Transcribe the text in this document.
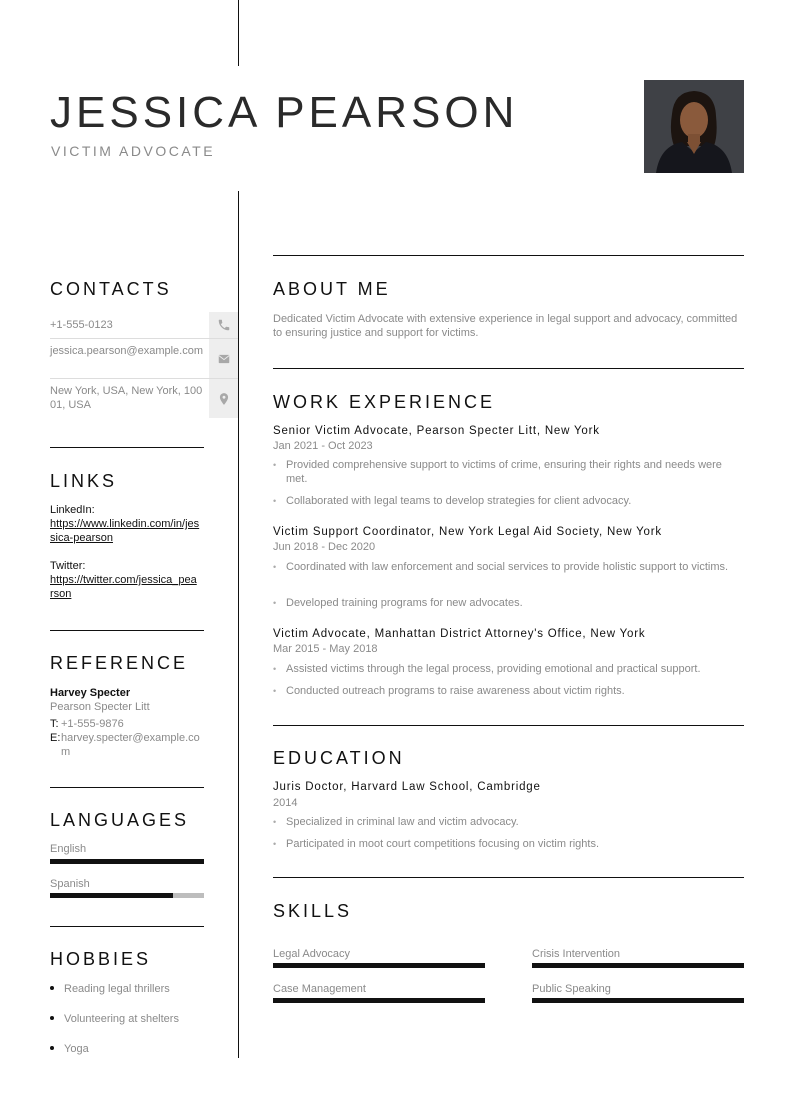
JESSICA PEARSON
VICTIM ADVOCATE
CONTACTS
+1-555-0123
jessica.pearson@example.com
New York, USA, New York, 10001, USA
LINKS
LinkedIn:
https://www.linkedin.com/in/jessica-pearson
Twitter:
https://twitter.com/jessica_pearson
REFERENCE
Harvey Specter
Pearson Specter Litt
T: +1-555-9876
E: harvey.specter@example.com
LANGUAGES
English
Spanish
HOBBIES
Reading legal thrillers
Volunteering at shelters
Yoga
ABOUT ME
Dedicated Victim Advocate with extensive experience in legal support and advocacy, committed to ensuring justice and support for victims.
WORK EXPERIENCE
Senior Victim Advocate, Pearson Specter Litt, New York
Jan 2021 - Oct 2023
• Provided comprehensive support to victims of crime, ensuring their rights and needs were met.
• Collaborated with legal teams to develop strategies for client advocacy.
Victim Support Coordinator, New York Legal Aid Society, New York
Jun 2018 - Dec 2020
• Coordinated with law enforcement and social services to provide holistic support to victims.
• Developed training programs for new advocates.
Victim Advocate, Manhattan District Attorney's Office, New York
Mar 2015 - May 2018
• Assisted victims through the legal process, providing emotional and practical support.
• Conducted outreach programs to raise awareness about victim rights.
EDUCATION
Juris Doctor, Harvard Law School, Cambridge
2014
• Specialized in criminal law and victim advocacy.
• Participated in moot court competitions focusing on victim rights.
SKILLS
Legal Advocacy	Crisis Intervention
Case Management	Public Speaking
